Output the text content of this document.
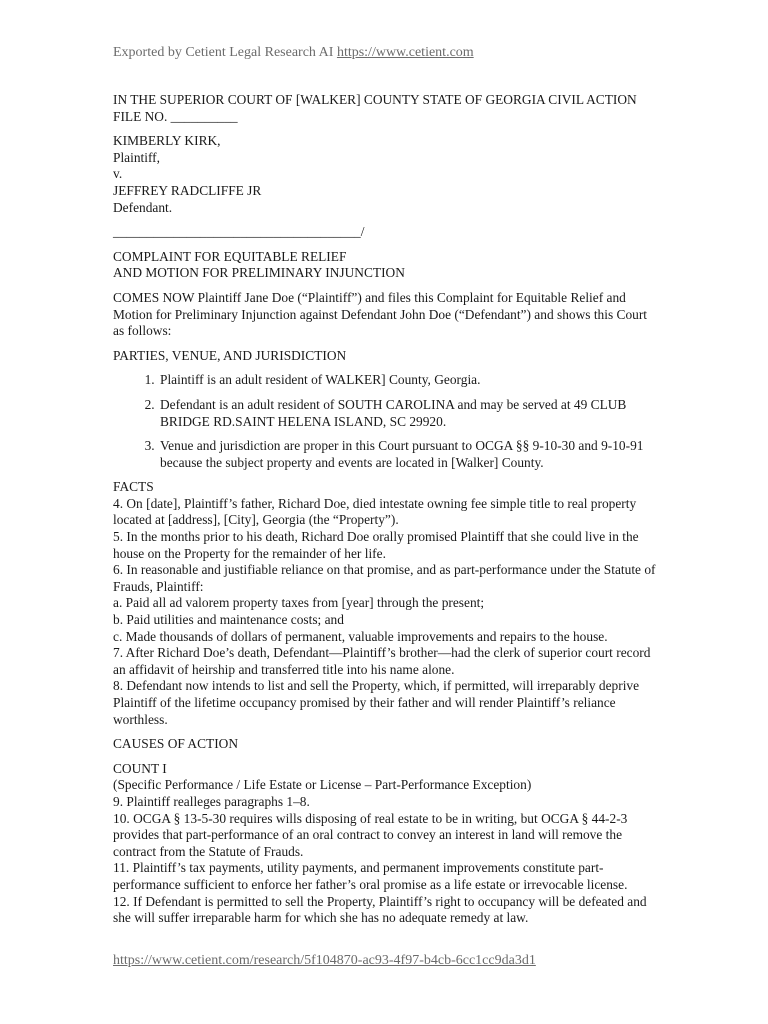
Exported by Cetient Legal Research AI https://www.cetient.com

IN THE SUPERIOR COURT OF [WALKER] COUNTY STATE OF GEORGIA CIVIL ACTION FILE NO. __________

KIMBERLY KIRK,

Plaintiff,

v.

JEFFREY RADCLIFFE JR

Defendant.

_____________________________________/

COMPLAINT FOR EQUITABLE RELIEF

AND MOTION FOR PRELIMINARY INJUNCTION

COMES NOW Plaintiff Jane Doe (“Plaintiff”) and files this Complaint for Equitable Relief and Motion for Preliminary Injunction against Defendant John Doe (“Defendant”) and shows this Court as follows:

PARTIES, VENUE, AND JURISDICTION

1. Plaintiff is an adult resident of WALKER] County, Georgia.
2. Defendant is an adult resident of SOUTH CAROLINA and may be served at 49 CLUB BRIDGE RD.SAINT HELENA ISLAND, SC 29920.
3. Venue and jurisdiction are proper in this Court pursuant to OCGA §§ 9-10-30 and 9-10-91 because the subject property and events are located in [Walker] County.

FACTS

4. On [date], Plaintiff’s father, Richard Doe, died intestate owning fee simple title to real property located at [address], [City], Georgia (the “Property”).

5. In the months prior to his death, Richard Doe orally promised Plaintiff that she could live in the house on the Property for the remainder of her life.

6. In reasonable and justifiable reliance on that promise, and as part-performance under the Statute of Frauds, Plaintiff:

a. Paid all ad valorem property taxes from [year] through the present;

b. Paid utilities and maintenance costs; and

c. Made thousands of dollars of permanent, valuable improvements and repairs to the house.

7. After Richard Doe’s death, Defendant—Plaintiff’s brother—had the clerk of superior court record an affidavit of heirship and transferred title into his name alone.

8. Defendant now intends to list and sell the Property, which, if permitted, will irreparably deprive Plaintiff of the lifetime occupancy promised by their father and will render Plaintiff’s reliance worthless.

CAUSES OF ACTION

COUNT I

(Specific Performance / Life Estate or License – Part-Performance Exception)

9. Plaintiff realleges paragraphs 1–8.

10. OCGA § 13-5-30 requires wills disposing of real estate to be in writing, but OCGA § 44-2-3 provides that part-performance of an oral contract to convey an interest in land will remove the contract from the Statute of Frauds.

11. Plaintiff’s tax payments, utility payments, and permanent improvements constitute part-performance sufficient to enforce her father’s oral promise as a life estate or irrevocable license.

12. If Defendant is permitted to sell the Property, Plaintiff’s right to occupancy will be defeated and she will suffer irreparable harm for which she has no adequate remedy at law.

https://www.cetient.com/research/5f104870-ac93-4f97-b4cb-6cc1cc9da3d1
